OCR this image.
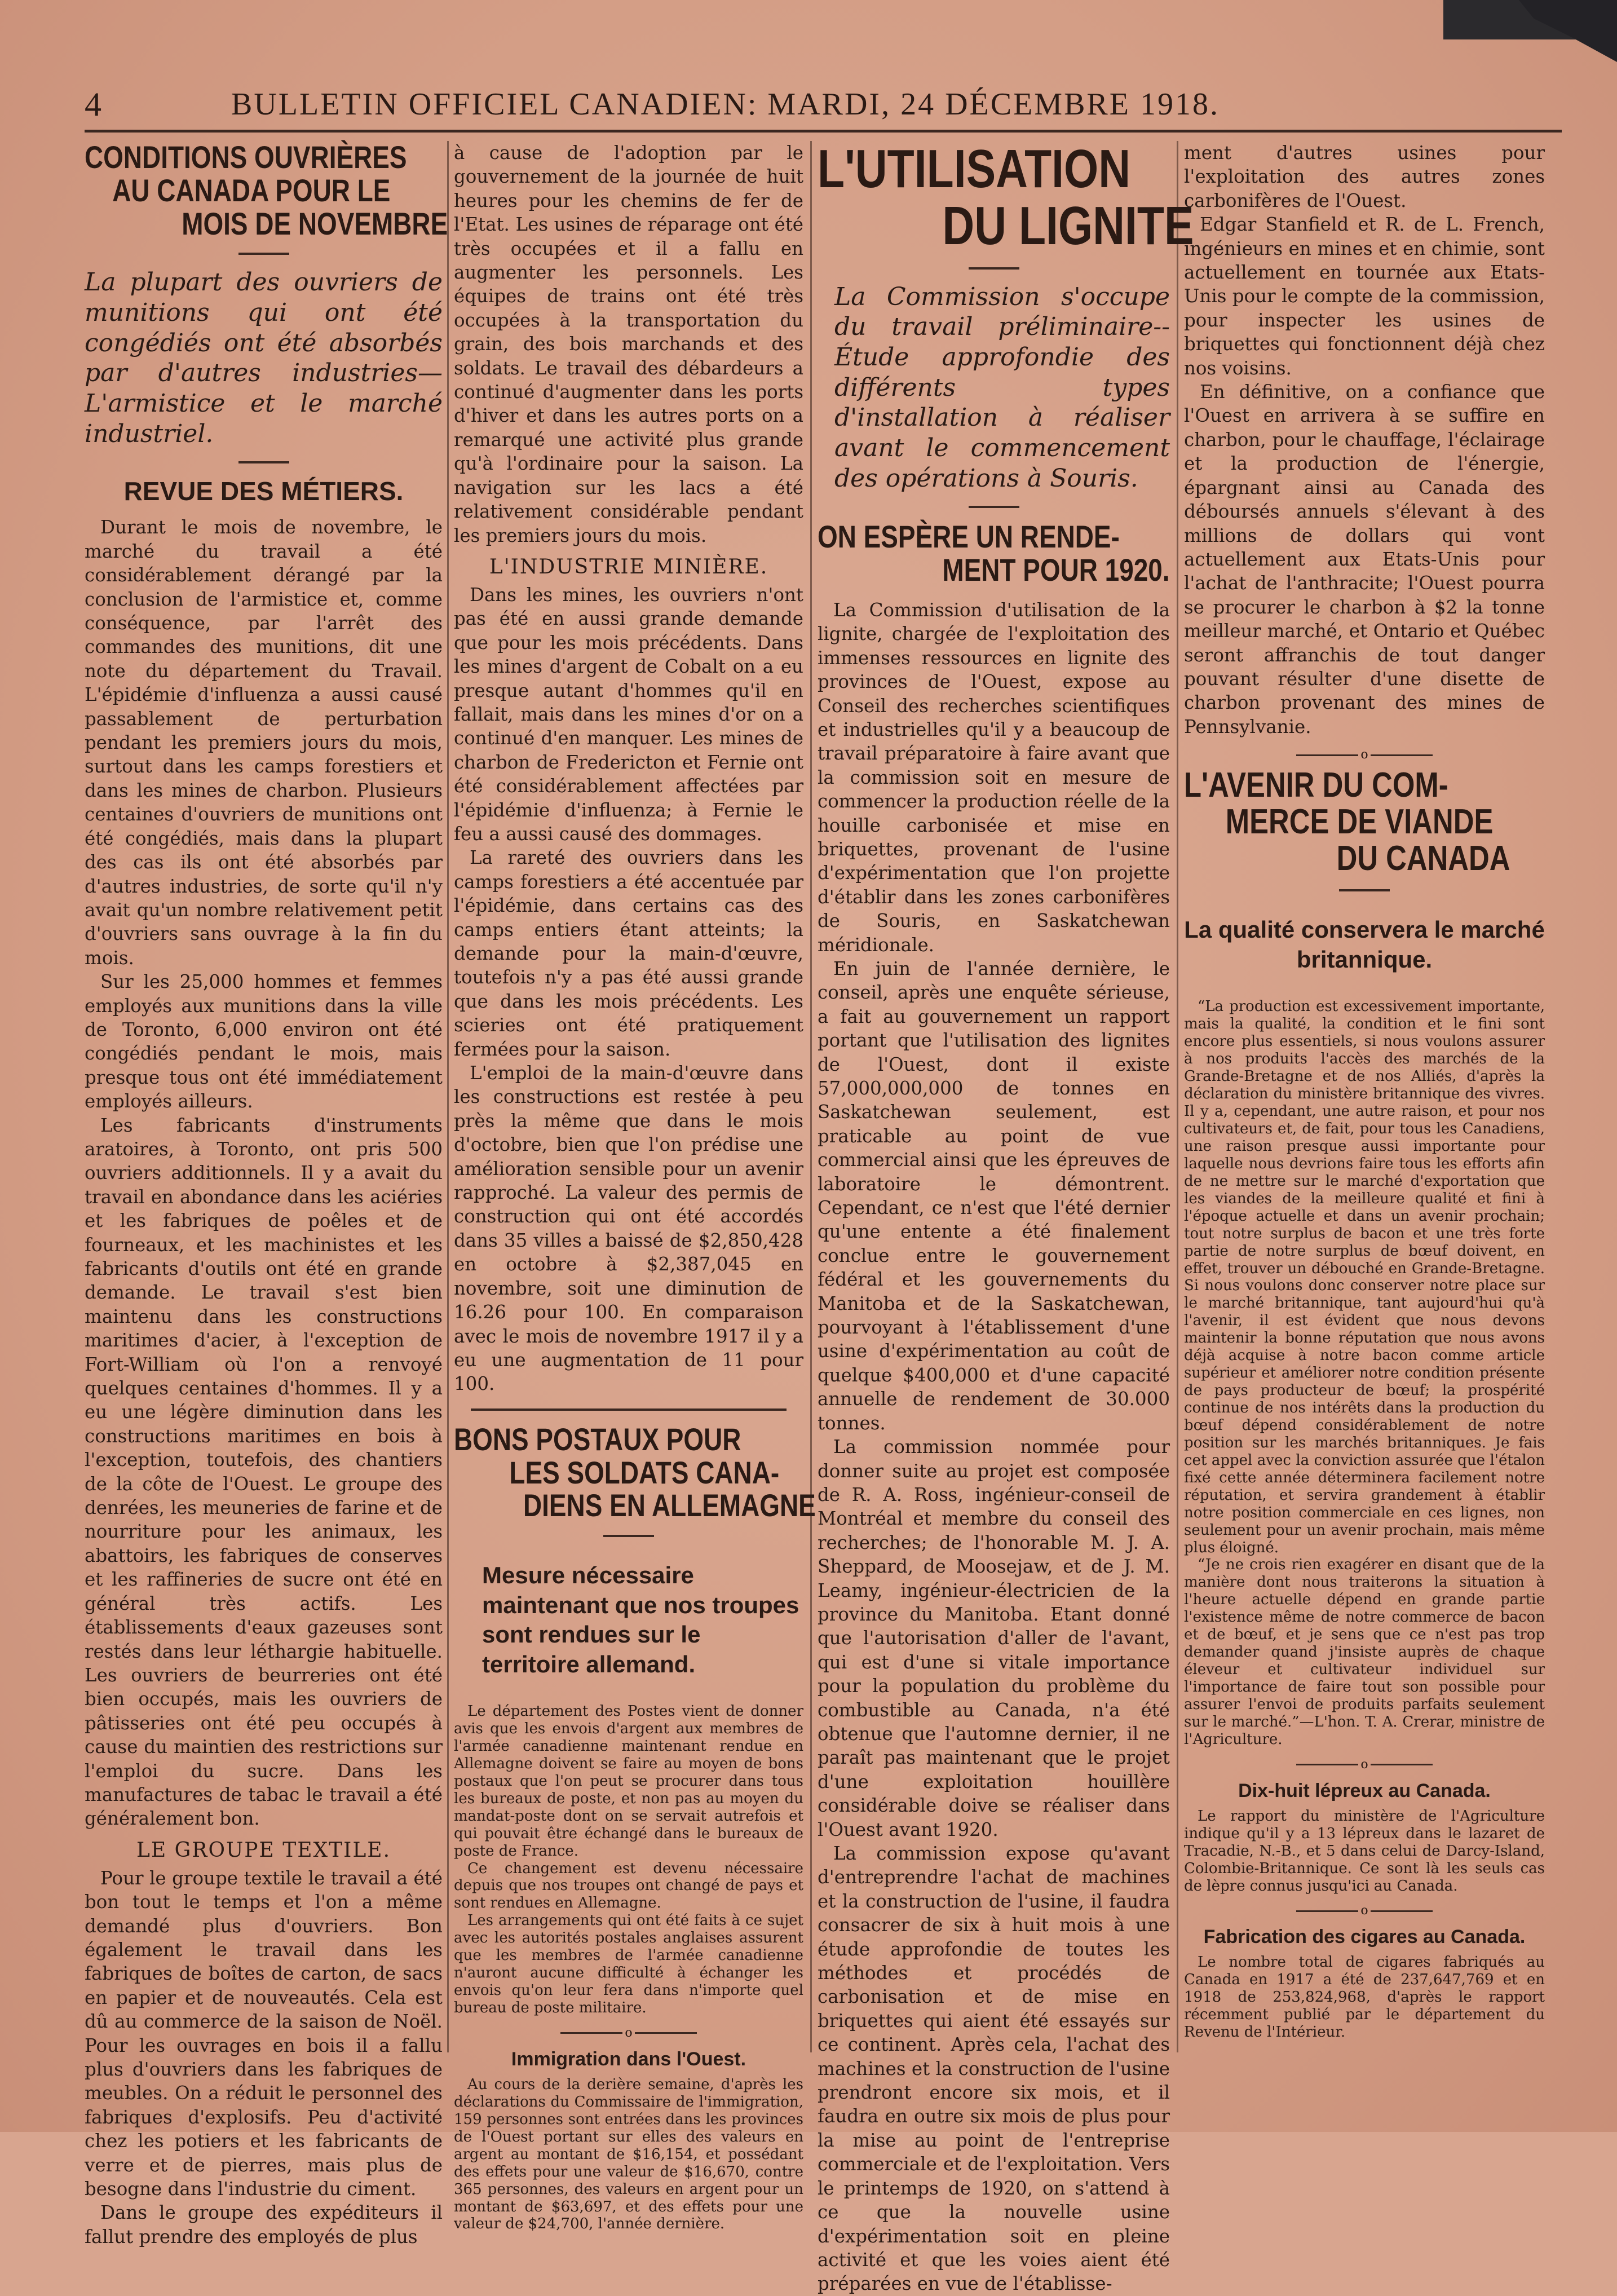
4	BULLETIN OFFICIEL CANADIEN: MARDI, 24 DÉCEMBRE 1918.
CONDITIONS OUVRIÈRES
AU CANADA POUR LE
MOIS DE NOVEMBRE

La plupart des ouvriers de munitions qui ont été congédiés ont été absorbés par d'autres industries—L'armistice et le marché industriel.

REVUE DES MÉTIERS.

Durant le mois de novembre, le marché du travail a été considérablement dérangé par la conclusion de l'armistice et, comme conséquence, par l'arrêt des commandes des munitions, dit une note du département du Travail. L'épidémie d'influenza a aussi causé passablement de perturbation pendant les premiers jours du mois, surtout dans les camps forestiers et dans les mines de charbon. Plusieurs centaines d'ouvriers de munitions ont été congédiés, mais dans la plupart des cas ils ont été absorbés par d'autres industries, de sorte qu'il n'y avait qu'un nombre relativement petit d'ouvriers sans ouvrage à la fin du mois.

Sur les 25,000 hommes et femmes employés aux munitions dans la ville de Toronto, 6,000 environ ont été congédiés pendant le mois, mais presque tous ont été immédiatement employés ailleurs.

Les fabricants d'instruments aratoires, à Toronto, ont pris 500 ouvriers additionnels. Il y a avait du travail en abondance dans les aciéries et les fabriques de poêles et de fourneaux, et les machinistes et les fabricants d'outils ont été en grande demande. Le travail s'est bien maintenu dans les constructions maritimes d'acier, à l'exception de Fort-William où l'on a renvoyé quelques centaines d'hommes. Il y a eu une légère diminution dans les constructions maritimes en bois à l'exception, toutefois, des chantiers de la côte de l'Ouest. Le groupe des denrées, les meuneries de farine et de nourriture pour les animaux, les abattoirs, les fabriques de conserves et les raffineries de sucre ont été en général très actifs. Les établissements d'eaux gazeuses sont restés dans leur léthargie habituelle. Les ouvriers de beurreries ont été bien occupés, mais les ouvriers de pâtisseries ont été peu occupés à cause du maintien des restrictions sur l'emploi du sucre. Dans les manufactures de tabac le travail a été généralement bon.

LE GROUPE TEXTILE.

Pour le groupe textile le travail a été bon tout le temps et l'on a même demandé plus d'ouvriers. Bon également le travail dans les fabriques de boîtes de carton, de sacs en papier et de nouveautés. Cela est dû au commerce de la saison de Noël. Pour les ouvrages en bois il a fallu plus d'ouvriers dans les fabriques de meubles. On a réduit le personnel des fabriques d'explosifs. Peu d'activité chez les potiers et les fabricants de verre et de pierres, mais plus de besogne dans l'industrie du ciment.

Dans le groupe des expéditeurs il fallut prendre des employés de plus

à cause de l'adoption par le gouvernement de la journée de huit heures pour les chemins de fer de l'Etat. Les usines de réparage ont été très occupées et il a fallu en augmenter les personnels. Les équipes de trains ont été très occupées à la transportation du grain, des bois marchands et des soldats. Le travail des débardeurs a continué d'augmenter dans les ports d'hiver et dans les autres ports on a remarqué une activité plus grande qu'à l'ordinaire pour la saison. La navigation sur les lacs a été relativement considérable pendant les premiers jours du mois.

L'INDUSTRIE MINIÈRE.

Dans les mines, les ouvriers n'ont pas été en aussi grande demande que pour les mois précédents. Dans les mines d'argent de Cobalt on a eu presque autant d'hommes qu'il en fallait, mais dans les mines d'or on a continué d'en manquer. Les mines de charbon de Fredericton et Fernie ont été considérablement affectées par l'épidémie d'influenza; à Fernie le feu a aussi causé des dommages.

La rareté des ouvriers dans les camps forestiers a été accentuée par l'épidémie, dans certains cas des camps entiers étant atteints; la demande pour la main-d'œuvre, toutefois n'y a pas été aussi grande que dans les mois précédents. Les scieries ont été pratiquement fermées pour la saison.

L'emploi de la main-d'œuvre dans les constructions est restée à peu près la même que dans le mois d'octobre, bien que l'on prédise une amélioration sensible pour un avenir rapproché. La valeur des permis de construction qui ont été accordés dans 35 villes a baissé de $2,850,428 en octobre à $2,387,045 en novembre, soit une diminution de 16.26 pour 100. En comparaison avec le mois de novembre 1917 il y a eu une augmentation de 11 pour 100.

BONS POSTAUX POUR
LES SOLDATS CANA-
DIENS EN ALLEMAGNE

Mesure nécessaire maintenant que nos troupes sont rendues sur le territoire allemand.

Le département des Postes vient de donner avis que les envois d'argent aux membres de l'armée canadienne maintenant rendue en Allemagne doivent se faire au moyen de bons postaux que l'on peut se procurer dans tous les bureaux de poste, et non pas au moyen du mandat-poste dont on se servait autrefois et qui pouvait être échangé dans le bureaux de poste de France.

Ce changement est devenu nécessaire depuis que nos troupes ont changé de pays et sont rendues en Allemagne.

Les arrangements qui ont été faits à ce sujet avec les autorités postales anglaises assurent que les membres de l'armée canadienne n'auront aucune difficulté à échanger les envois qu'on leur fera dans n'importe quel bureau de poste militaire.

o
Immigration dans l'Ouest.

Au cours de la derière semaine, d'après les déclarations du Commissaire de l'immigration, 159 personnes sont entrées dans les provinces de l'Ouest portant sur elles des valeurs en argent au montant de $16,154, et possédant des effets pour une valeur de $16,670, contre 365 personnes, des valeurs en argent pour un montant de $63,697, et des effets pour une valeur de $24,700, l'année dernière.

L'UTILISATION
DU LIGNITE

La Commission s'occupe du travail préliminaire--Étude approfondie des différents types d'installation à réaliser avant le commencement des opérations à Souris.

ON ESPÈRE UN RENDE-
MENT POUR 1920.

La Commission d'utilisation de la lignite, chargée de l'exploitation des immenses ressources en lignite des provinces de l'Ouest, expose au Conseil des recherches scientifiques et industrielles qu'il y a beaucoup de travail préparatoire à faire avant que la commission soit en mesure de commencer la production réelle de la houille carbonisée et mise en briquettes, provenant de l'usine d'expérimentation que l'on projette d'établir dans les zones carbonifères de Souris, en Saskatchewan méridionale.

En juin de l'année dernière, le conseil, après une enquête sérieuse, a fait au gouvernement un rapport portant que l'utilisation des lignites de l'Ouest, dont il existe 57,000,000,000 de tonnes en Saskatchewan seulement, est praticable au point de vue commercial ainsi que les épreuves de laboratoire le démontrent. Cependant, ce n'est que l'été dernier qu'une entente a été finalement conclue entre le gouvernement fédéral et les gouvernements du Manitoba et de la Saskatchewan, pourvoyant à l'établissement d'une usine d'expérimentation au coût de quelque $400,000 et d'une capacité annuelle de rendement de 30.000 tonnes.

La commission nommée pour donner suite au projet est composée de R. A. Ross, ingénieur-conseil de Montréal et membre du conseil des recherches; de l'honorable M. J. A. Sheppard, de Moosejaw, et de J. M. Leamy, ingénieur-électricien de la province du Manitoba. Etant donné que l'autorisation d'aller de l'avant, qui est d'une si vitale importance pour la population du problème du combustible au Canada, n'a été obtenue que l'automne dernier, il ne paraît pas maintenant que le projet d'une exploitation houillère considérable doive se réaliser dans l'Ouest avant 1920.

La commission expose qu'avant d'entreprendre l'achat de machines et la construction de l'usine, il faudra consacrer de six à huit mois à une étude approfondie de toutes les méthodes et procédés de carbonisation et de mise en briquettes qui aient été essayés sur ce continent. Après cela, l'achat des machines et la construction de l'usine prendront encore six mois, et il faudra en outre six mois de plus pour la mise au point de l'entreprise commerciale et de l'exploitation. Vers le printemps de 1920, on s'attend à ce que la nouvelle usine d'expérimentation soit en pleine activité et que les voies aient été préparées en vue de l'établisse-

ment d'autres usines pour l'exploitation des autres zones carbonifères de l'Ouest.

Edgar Stanfield et R. de L. French, ingénieurs en mines et en chimie, sont actuellement en tournée aux Etats-Unis pour le compte de la commission, pour inspecter les usines de briquettes qui fonctionnent déjà chez nos voisins.

En définitive, on a confiance que l'Ouest en arrivera à se suffire en charbon, pour le chauffage, l'éclairage et la production de l'énergie, épargnant ainsi au Canada des déboursés annuels s'élevant à des millions de dollars qui vont actuellement aux Etats-Unis pour l'achat de l'anthracite; l'Ouest pourra se procurer le charbon à $2 la tonne meilleur marché, et Ontario et Québec seront affranchis de tout danger pouvant résulter d'une disette de charbon provenant des mines de Pennsylvanie.

o
L'AVENIR DU COM-
MERCE DE VIANDE
DU CANADA

La qualité conservera le marché britannique.

“La production est excessivement importante, mais la qualité, la condition et le fini sont encore plus essentiels, si nous voulons assurer à nos produits l'accès des marchés de la Grande-Bretagne et de nos Alliés, d'après la déclaration du ministère britannique des vivres. Il y a, cependant, une autre raison, et pour nos cultivateurs et, de fait, pour tous les Canadiens, une raison presque aussi importante pour laquelle nous devrions faire tous les efforts afin de ne mettre sur le marché d'exportation que les viandes de la meilleure qualité et fini à l'époque actuelle et dans un avenir prochain; tout notre surplus de bacon et une très forte partie de notre surplus de bœuf doivent, en effet, trouver un débouché en Grande-Bretagne. Si nous voulons donc conserver notre place sur le marché britannique, tant aujourd'hui qu'à l'avenir, il est évident que nous devons maintenir la bonne réputation que nous avons déjà acquise à notre bacon comme article supérieur et améliorer notre condition présente de pays producteur de bœuf; la prospérité continue de nos intérêts dans la production du bœuf dépend considérablement de notre position sur les marchés britanniques. Je fais cet appel avec la conviction assurée que l'étalon fixé cette année déterminera facilement notre réputation, et servira grandement à établir notre position commerciale en ces lignes, non seulement pour un avenir prochain, mais même plus éloigné.

“Je ne crois rien exagérer en disant que de la manière dont nous traiterons la situation à l'heure actuelle dépend en grande partie l'existence même de notre commerce de bacon et de bœuf, et je sens que ce n'est pas trop demander quand j'insiste auprès de chaque éleveur et cultivateur individuel sur l'importance de faire tout son possible pour assurer l'envoi de produits parfaits seulement sur le marché.”—L'hon. T. A. Crerar, ministre de l'Agriculture.

o
Dix-huit lépreux au Canada.

Le rapport du ministère de l'Agriculture indique qu'il y a 13 lépreux dans le lazaret de Tracadie, N.-B., et 5 dans celui de Darcy-Island, Colombie-Britannique. Ce sont là les seuls cas de lèpre connus jusqu'ici au Canada.

o
Fabrication des cigares au Canada.

Le nombre total de cigares fabriqués au Canada en 1917 a été de 237,647,769 et en 1918 de 253,824,968, d'après le rapport récemment publié par le département du Revenu de l'Intérieur.
